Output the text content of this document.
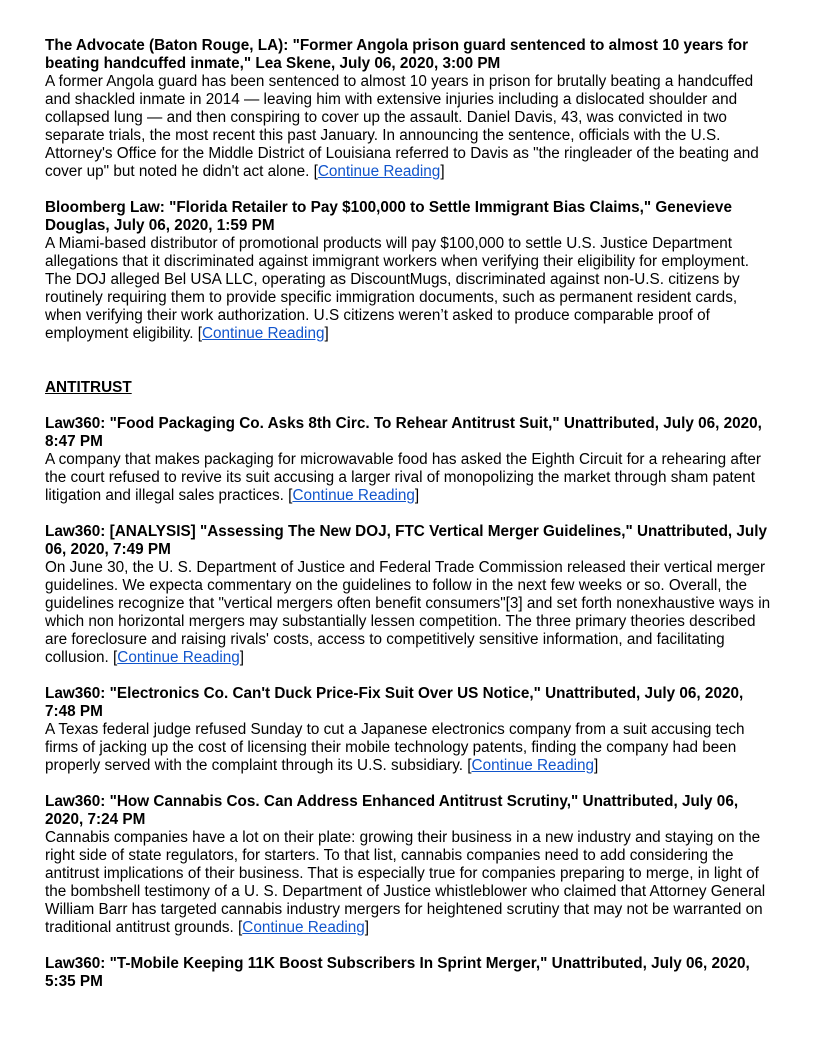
The Advocate (Baton Rouge, LA): "Former Angola prison guard sentenced to almost 10 years for beating handcuffed inmate," Lea Skene, July 06, 2020, 3:00 PM

A former Angola guard has been sentenced to almost 10 years in prison for brutally beating a handcuffed and shackled inmate in 2014 — leaving him with extensive injuries including a dislocated shoulder and collapsed lung — and then conspiring to cover up the assault. Daniel Davis, 43, was convicted in two separate trials, the most recent this past January. In announcing the sentence, officials with the U.S. Attorney's Office for the Middle District of Louisiana referred to Davis as "the ringleader of the beating and cover up" but noted he didn't act alone. [Continue Reading]

Bloomberg Law: "Florida Retailer to Pay $100,000 to Settle Immigrant Bias Claims," Genevieve Douglas, July 06, 2020, 1:59 PM

A Miami-based distributor of promotional products will pay $100,000 to settle U.S. Justice Department allegations that it discriminated against immigrant workers when verifying their eligibility for employment. The DOJ alleged Bel USA LLC, operating as DiscountMugs, discriminated against non-U.S. citizens by routinely requiring them to provide specific immigration documents, such as permanent resident cards, when verifying their work authorization. U.S citizens weren’t asked to produce comparable proof of employment eligibility. [Continue Reading]

ANTITRUST

Law360: "Food Packaging Co. Asks 8th Circ. To Rehear Antitrust Suit," Unattributed, July 06, 2020, 8:47 PM

A company that makes packaging for microwavable food has asked the Eighth Circuit for a rehearing after the court refused to revive its suit accusing a larger rival of monopolizing the market through sham patent litigation and illegal sales practices. [Continue Reading]

Law360: [ANALYSIS] "Assessing The New DOJ, FTC Vertical Merger Guidelines," Unattributed, July 06, 2020, 7:49 PM

On June 30, the U. S. Department of Justice and Federal Trade Commission released their vertical merger guidelines. We expecta commentary on the guidelines to follow in the next few weeks or so. Overall, the guidelines recognize that "vertical mergers often benefit consumers"[3] and set forth nonexhaustive ways in which non horizontal mergers may substantially lessen competition. The three primary theories described are foreclosure and raising rivals' costs, access to competitively sensitive information, and facilitating collusion. [Continue Reading]

Law360: "Electronics Co. Can't Duck Price-Fix Suit Over US Notice," Unattributed, July 06, 2020, 7:48 PM

A Texas federal judge refused Sunday to cut a Japanese electronics company from a suit accusing tech firms of jacking up the cost of licensing their mobile technology patents, finding the company had been properly served with the complaint through its U.S. subsidiary. [Continue Reading]

Law360: "How Cannabis Cos. Can Address Enhanced Antitrust Scrutiny," Unattributed, July 06, 2020, 7:24 PM

Cannabis companies have a lot on their plate: growing their business in a new industry and staying on the right side of state regulators, for starters. To that list, cannabis companies need to add considering the antitrust implications of their business. That is especially true for companies preparing to merge, in light of the bombshell testimony of a U. S. Department of Justice whistleblower who claimed that Attorney General William Barr has targeted cannabis industry mergers for heightened scrutiny that may not be warranted on traditional antitrust grounds. [Continue Reading]

Law360: "T-Mobile Keeping 11K Boost Subscribers In Sprint Merger," Unattributed, July 06, 2020, 5:35 PM
